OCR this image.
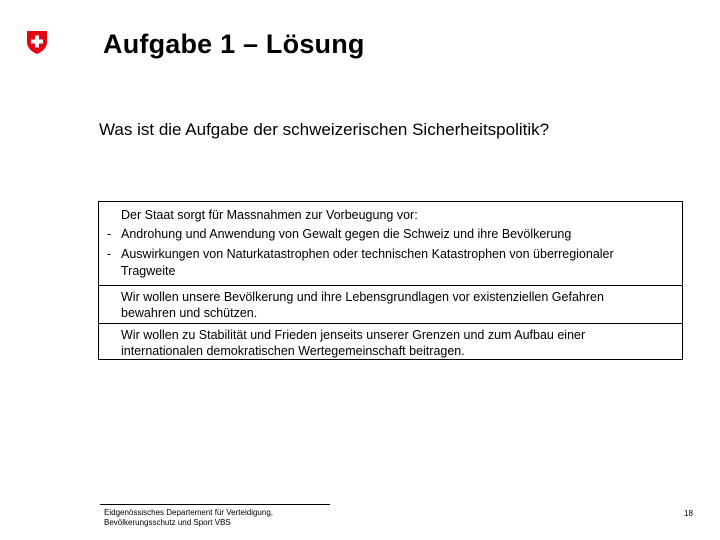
Aufgabe 1 – Lösung
Was ist die Aufgabe der schweizerischen Sicherheitspolitik?
Der Staat sorgt für Massnahmen zur Vorbeugung vor:
- Androhung und Anwendung von Gewalt gegen die Schweiz und ihre Bevölkerung
- Auswirkungen von Naturkatastrophen oder technischen Katastrophen von überregionaler
Tragweite
Wir wollen unsere Bevölkerung und ihre Lebensgrundlagen vor existenziellen Gefahren
bewahren und schützen.
Wir wollen zu Stabilität und Frieden jenseits unserer Grenzen und zum Aufbau einer
internationalen demokratischen Wertegemeinschaft beitragen.
Eidgenössisches Departement für Verteidigung,
Bevölkerungsschutz und Sport VBS
18
